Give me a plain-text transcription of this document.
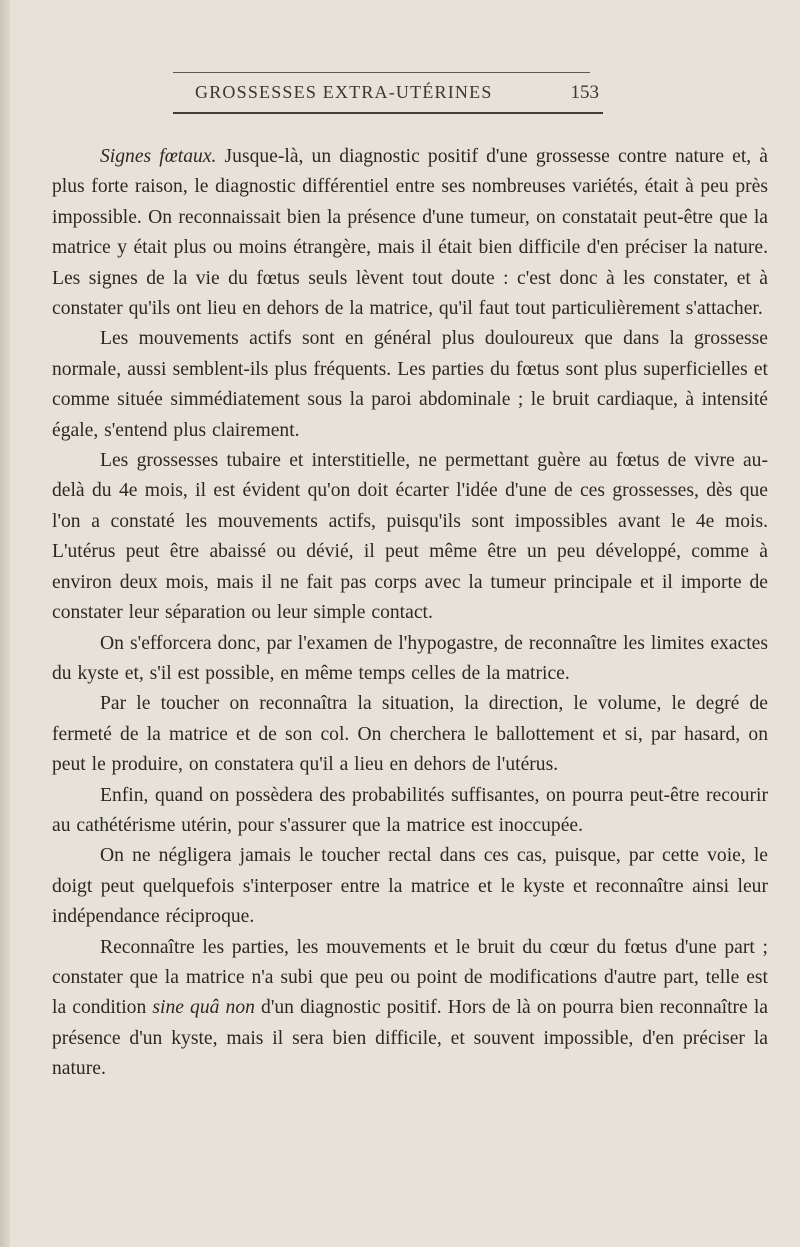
GROSSESSES EXTRA-UTÉRINES	153

Signes fœtaux. Jusque-là, un diagnostic positif d'une grossesse contre nature et, à plus forte raison, le diagnostic différentiel entre ses nombreuses variétés, était à peu près impossible. On reconnaissait bien la présence d'une tumeur, on constatait peut-être que la matrice y était plus ou moins étrangère, mais il était bien difficile d'en préciser la nature. Les signes de la vie du fœtus seuls lèvent tout doute : c'est donc à les constater, et à constater qu'ils ont lieu en dehors de la matrice, qu'il faut tout particulièrement s'attacher.

Les mouvements actifs sont en général plus douloureux que dans la grossesse normale, aussi semblent-ils plus fréquents. Les parties du fœtus sont plus superficielles et comme située simmédiatement sous la paroi abdominale ; le bruit cardiaque, à intensité égale, s'entend plus clairement.

Les grossesses tubaire et interstitielle, ne permettant guère au fœtus de vivre au-delà du 4e mois, il est évident qu'on doit écarter l'idée d'une de ces grossesses, dès que l'on a constaté les mouvements actifs, puisqu'ils sont impossibles avant le 4e mois. L'utérus peut être abaissé ou dévié, il peut même être un peu développé, comme à environ deux mois, mais il ne fait pas corps avec la tumeur principale et il importe de constater leur séparation ou leur simple contact.

On s'efforcera donc, par l'examen de l'hypogastre, de reconnaître les limites exactes du kyste et, s'il est possible, en même temps celles de la matrice.

Par le toucher on reconnaîtra la situation, la direction, le volume, le degré de fermeté de la matrice et de son col. On cherchera le ballottement et si, par hasard, on peut le produire, on constatera qu'il a lieu en dehors de l'utérus.

Enfin, quand on possèdera des probabilités suffisantes, on pourra peut-être recourir au cathétérisme utérin, pour s'assurer que la matrice est inoccupée.

On ne négligera jamais le toucher rectal dans ces cas, puisque, par cette voie, le doigt peut quelquefois s'interposer entre la matrice et le kyste et reconnaître ainsi leur indépendance réciproque.

Reconnaître les parties, les mouvements et le bruit du cœur du fœtus d'une part ; constater que la matrice n'a subi que peu ou point de modifications d'autre part, telle est la condition sine quâ non d'un diagnostic positif. Hors de là on pourra bien reconnaître la présence d'un kyste, mais il sera bien difficile, et souvent impossible, d'en préciser la nature.
